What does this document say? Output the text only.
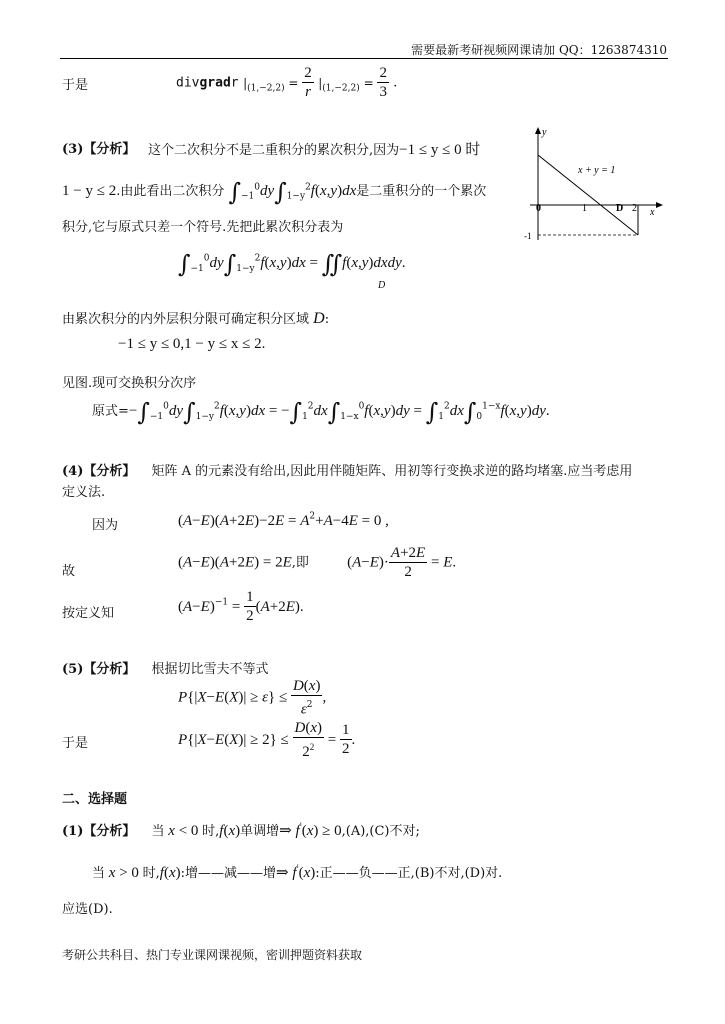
需要最新考研视频网课请加 QQ：1263874310
于是	divgradr $|_{(1,-2,2)} = \frac{2}{r} |_{(1,-2,2)} = \frac{2}{3}$ .
(3)【分析】 这个二次积分不是二重积分的累次积分,因为−1 ≤ y ≤ 0 时
1 − y ≤ 2.由此看出二次积分 $\int_{-1}^0dy\int_{1-y}^2f(x,y)dx$是二重积分的一个累次
积分,它与原式只差一个符号.先把此累次积分表为
$\int_{-1}^0dy\int_{1-y}^2f(x,y)dx$ = ∬f(x,y)dxdy.
D
由累次积分的内外层积分限可确定积分区域 D:
−1 ≤ y ≤ 0,1 − y ≤ x ≤ 2.
见图.现可交换积分次序
原式$=-\int_{-1}^0dy\int_{1-y}^2f(x,y)dx = -\int_1^2dx\int_{1-x}^0f(x,y)dy = \int_1^2dx\int_0^{1-x}f(x,y)dy$.
y
x
x + y = 1
0	1	2
D
-1
(4)【分析】 矩阵 A 的元素没有给出,因此用伴随矩阵、用初等行变换求逆的路均堵塞.应当考虑用
定义法.
因为	$(A-E)(A+2E)-2E = A^2+A-4E = 0$ ,
故
(A−E)(A+2E) = 2E,即	$(A-E)\cdot \frac{A+2E}{2} = E$.
按定义知	$(A-E)^{-1} = \frac{1}{2} (A+2E)$.
(5)【分析】 根据切比雪夫不等式
$P\{|X-E(X)| \ge \varepsilon\} \le \frac{D(x)}{\varepsilon^2}$ ,
于是	$P\{|X-E(X)| \ge 2\} \le \frac{D(x)}{2^2} = \frac{1}{2}$ .
二、选择题
(1)【分析】 当 x < 0 时,f(x)单调增⇒ f′(x) ≥ 0,(A),(C)不对;
当 x > 0 时,f(x):增——减——增⇒ f′(x):正——负——正,(B)不对,(D)对.
应选(D).
考研公共科目、热门专业课网课视频，密训押题资料获取
